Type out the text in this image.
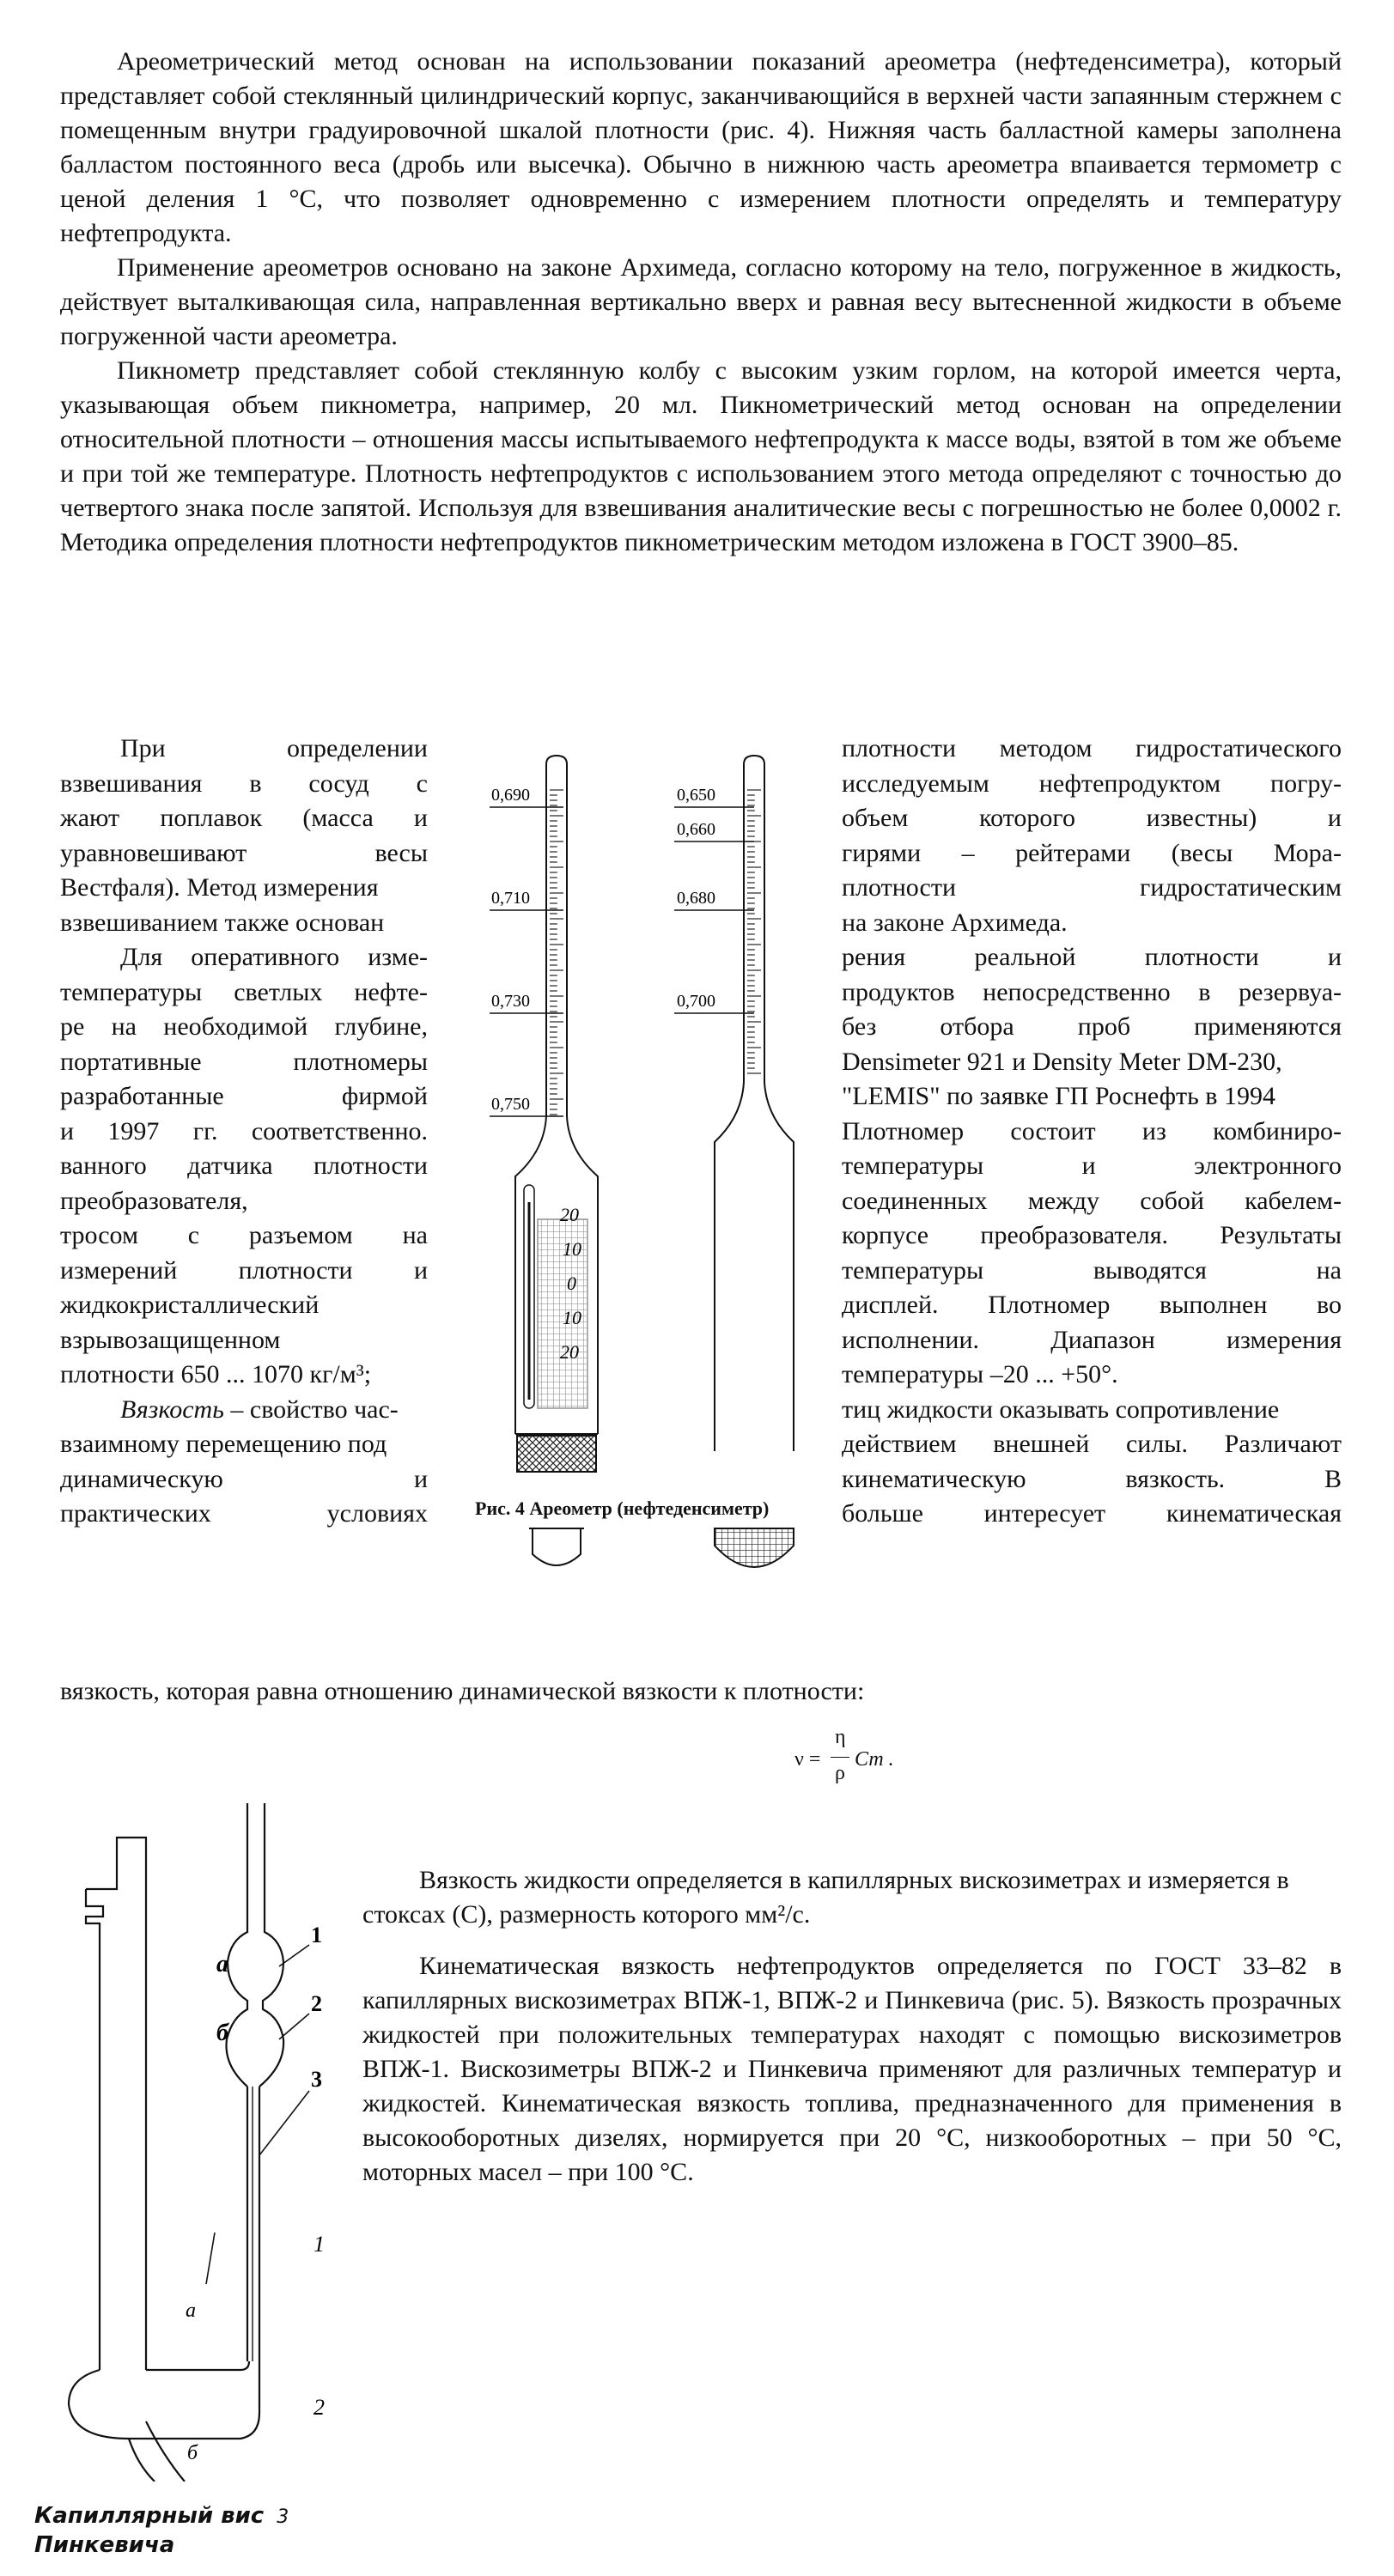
Ареометрический метод основан на использовании показаний ареометра (нефтеденсиметра), который представляет собой стеклянный цилиндрический корпус, заканчивающийся в верхней части запаянным стержнем с помещенным внутри градуировочной шкалой плотности (рис. 4). Нижняя часть балластной камеры заполнена балластом постоянного веса (дробь или высечка). Обычно в нижнюю часть ареометра впаивается термометр с ценой деления 1 °С, что позволяет одновременно с измерением плотности определять и температуру нефтепродукта.

Применение ареометров основано на законе Архимеда, согласно которому на тело, погруженное в жидкость, действует выталкивающая сила, направленная вертикально вверх и равная весу вытесненной жидкости в объеме погруженной части ареометра.

Пикнометр представляет собой стеклянную колбу с высоким узким горлом, на которой имеется черта, указывающая объем пикнометра, например, 20 мл. Пикнометрический метод основан на определении относительной плотности – отношения массы испытываемого нефтепродукта к массе воды, взятой в том же объеме и при той же температуре. Плотность нефтепродуктов с использованием этого метода определяют с точностью до четвертого знака после запятой. Используя для взвешивания аналитические весы с погрешностью не более 0,0002 г. Методика определения плотности нефтепродуктов пикнометрическим методом изложена в ГОСТ 3900–85.

При определении
взвешивания в сосуд с
жают поплавок (масса и
уравновешивают весы
Вестфаля). Метод измерения
взвешиванием также основан
Для оперативного изме-
температуры светлых нефте-
ре на необходимой глубине,
портативные плотномеры
разработанные фирмой
и 1997 гг. соответственно.
ванного датчика плотности
преобразователя,
тросом с разъемом на
измерений плотности и
жидкокристаллический
взрывозащищенном
плотности 650 ... 1070 кг/м³;
Вязкость – свойство час-
взаимному перемещению под
динамическую и
практических условиях
плотности методом гидростатического
исследуемым нефтепродуктом погру-
объем которого известны) и
гирями – рейтерами (весы Мора-
плотности гидростатическим
на законе Архимеда.
рения реальной плотности и
продуктов непосредственно в резервуа-
без отбора проб применяются
Densimeter 921 и Density Meter DM-230,
"LEMIS" по заявке ГП Роснефть в 1994
Плотномер состоит из комбиниро-
температуры и электронного
соединенных между собой кабелем-
корпусе преобразователя. Результаты
температуры выводятся на
дисплей. Плотномер выполнен во
исполнении. Диапазон измерения
температуры –20 ... +50°.
тиц жидкости оказывать сопротивление
действием внешней силы. Различают
кинематическую вязкость. В
больше интересует кинематическая
0,690
0,710
0,730
0,750
20
10
0
10
20
0,650
0,660
0,680
0,700
Рис. 4 Ареометр (нефтеденсиметр)

вязкость, которая равна отношению динамической вязкости к плотности:

ν =
η
ρ
Ст .
1
2
3
а
б
1
2
а
б
Капиллярный вис 3
Пинкевича

Вязкость жидкости определяется в капиллярных вискозиметрах и измеряется в стоксах (С), размерность которого мм²/с.

Кинематическая вязкость нефтепродуктов определяется по ГОСТ 33–82 в капиллярных вискозиметрах ВПЖ-1, ВПЖ-2 и Пинкевича (рис. 5). Вязкость прозрачных жидкостей при положительных температурах находят с помощью вискозиметров ВПЖ-1. Вискозиметры ВПЖ-2 и Пинкевича применяют для различных температур и жидкостей. Кинематическая вязкость топлива, предназначенного для применения в высокооборотных дизелях, нормируется при 20 °С, низкооборотных – при 50 °С, моторных масел – при 100 °С.
